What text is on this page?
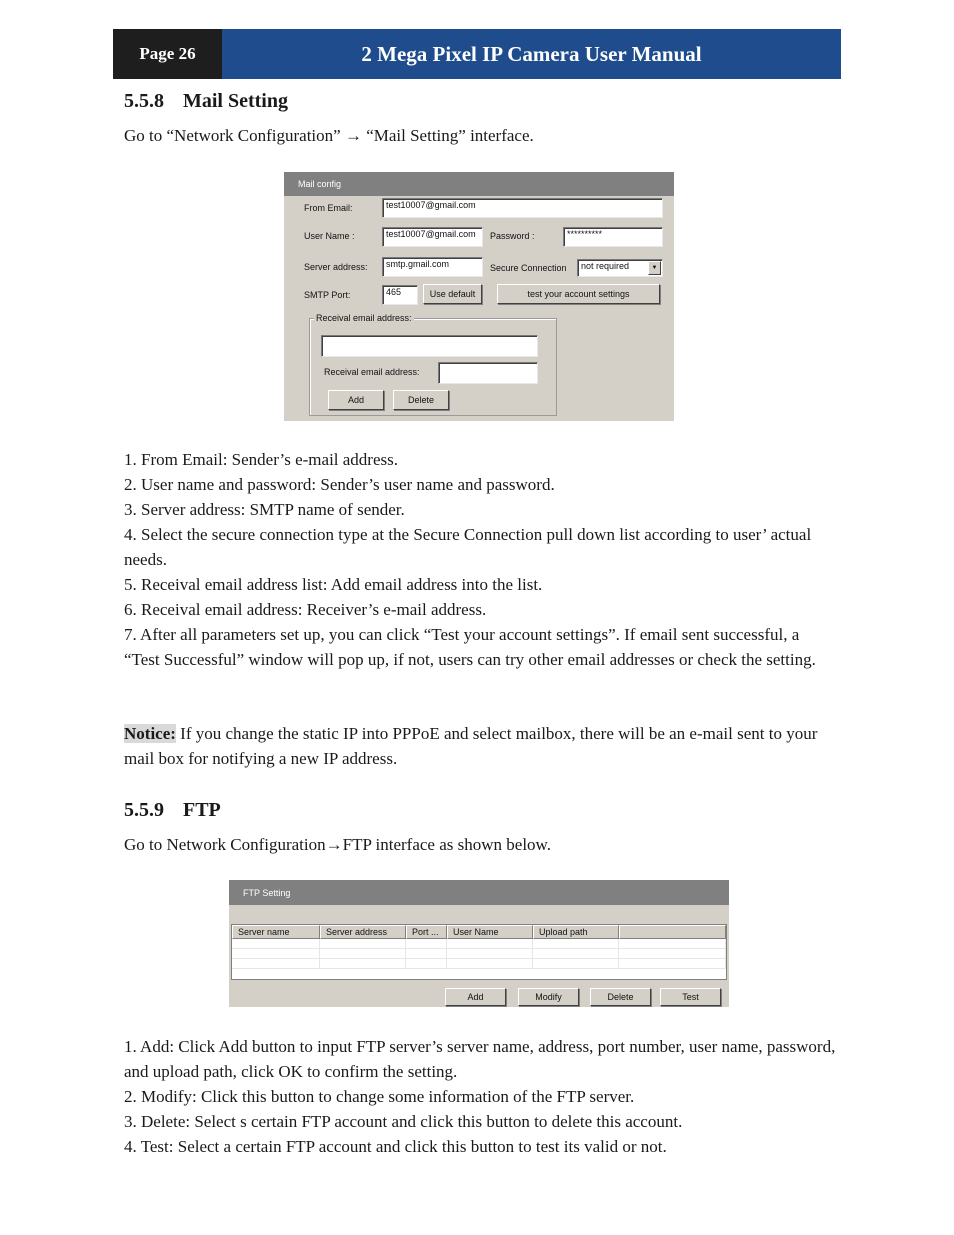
Page 26	2 Mega Pixel IP Camera User Manual
5.5.8 Mail Setting
Go to “Network Configuration” → “Mail Setting” interface.
Mail config
From Email:	test10007@gmail.com
User Name :	test10007@gmail.com	Password :	**********
Server address:	smtp.gmail.com	Secure Connection	not required	▼
SMTP Port:	465	Use default	test your account settings
Receival email address:
Receival email address:
Add	Delete

1. From Email: Sender’s e-mail address.

2. User name and password: Sender’s user name and password.

3. Server address: SMTP name of sender.

4. Select the secure connection type at the Secure Connection pull down list according to user’ actual needs.

5. Receival email address list: Add email address into the list.

6. Receival email address: Receiver’s e-mail address.

7. After all parameters set up, you can click “Test your account settings”. If email sent successful, a “Test Successful” window will pop up, if not, users can try other email addresses or check the setting.

Notice: If you change the static IP into PPPoE and select mailbox, there will be an e-mail sent to your mail box for notifying a new IP address.
5.5.9 FTP
Go to Network Configuration→FTP interface as shown below.
FTP Setting
Server name	Server address	Port ...	User Name	Upload path
Add	Modify	Delete	Test

1. Add: Click Add button to input FTP server’s server name, address, port number, user name, password, and upload path, click OK to confirm the setting.

2. Modify: Click this button to change some information of the FTP server.

3. Delete: Select s certain FTP account and click this button to delete this account.

4. Test: Select a certain FTP account and click this button to test its valid or not.
